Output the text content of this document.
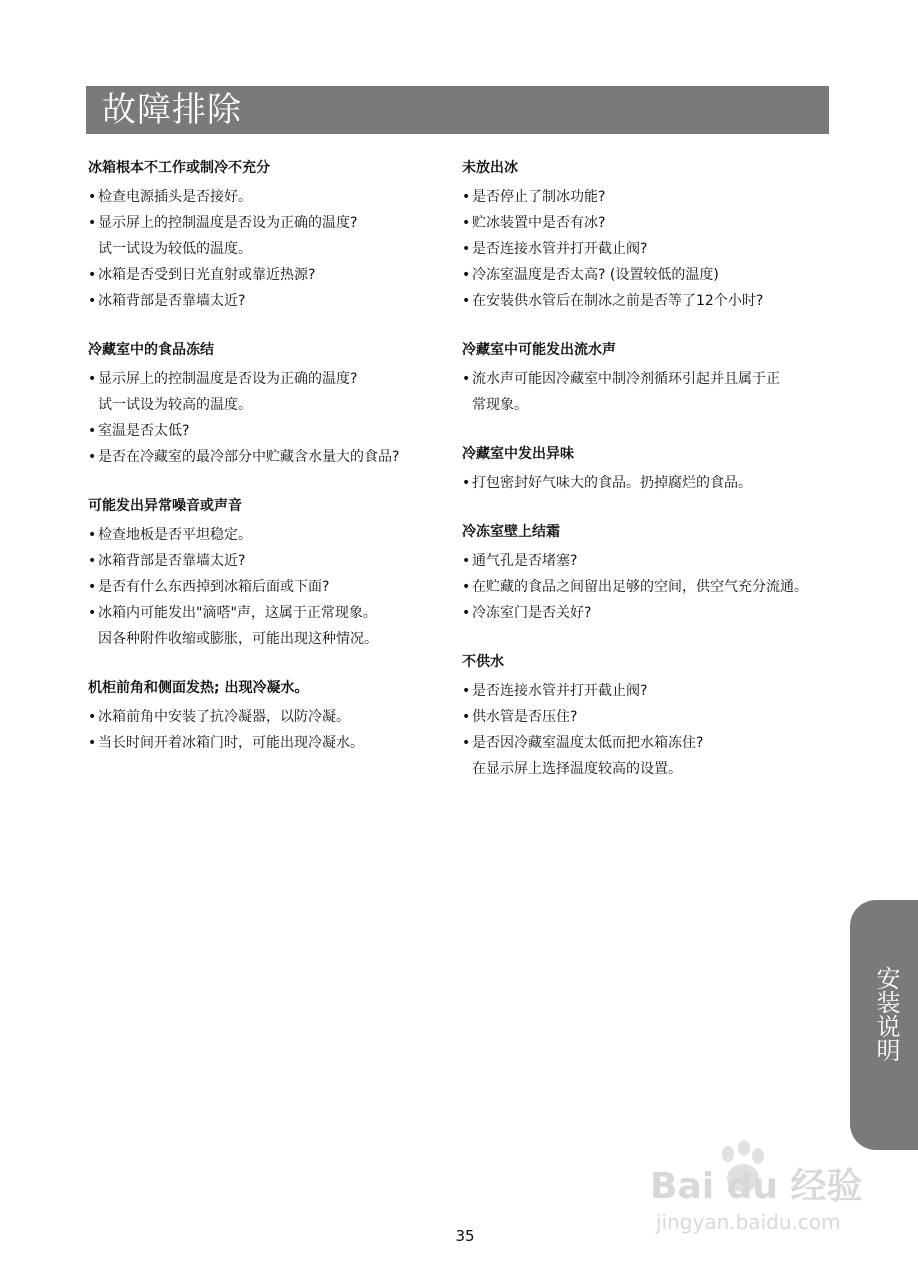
故障排除
冰箱根本不工作或制冷不充分
• 检查电源插头是否接好。
• 显示屏上的控制温度是否设为正确的温度?
试一试设为较低的温度。
• 冰箱是否受到日光直射或靠近热源?
• 冰箱背部是否靠墙太近?
冷藏室中的食品冻结
• 显示屏上的控制温度是否设为正确的温度?
试一试设为较高的温度。
• 室温是否太低?
• 是否在冷藏室的最冷部分中贮藏含水量大的食品?
可能发出异常噪音或声音
• 检查地板是否平坦稳定。
• 冰箱背部是否靠墙太近?
• 是否有什么东西掉到冰箱后面或下面?
• 冰箱内可能发出"滴嗒"声，这属于正常现象。
因各种附件收缩或膨胀，可能出现这种情况。
机柜前角和侧面发热; 出现冷凝水。
• 冰箱前角中安装了抗冷凝器，以防冷凝。
• 当长时间开着冰箱门时，可能出现冷凝水。
未放出冰
• 是否停止了制冰功能?
• 贮冰装置中是否有冰?
• 是否连接水管并打开截止阀?
• 冷冻室温度是否太高? (设置较低的温度)
• 在安装供水管后在制冰之前是否等了12个小时?
冷藏室中可能发出流水声
• 流水声可能因冷藏室中制冷剂循环引起并且属于正
常现象。
冷藏室中发出异味
• 打包密封好气味大的食品。扔掉腐烂的食品。
冷冻室壁上结霜
• 通气孔是否堵塞?
• 在贮藏的食品之间留出足够的空间，供空气充分流通。
• 冷冻室门是否关好?
不供水
• 是否连接水管并打开截止阀?
• 供水管是否压住?
• 是否因冷藏室温度太低而把水箱冻住?
在显示屏上选择温度较高的设置。
安装说明
Bai du 经验
jingyan.baidu.com
35
